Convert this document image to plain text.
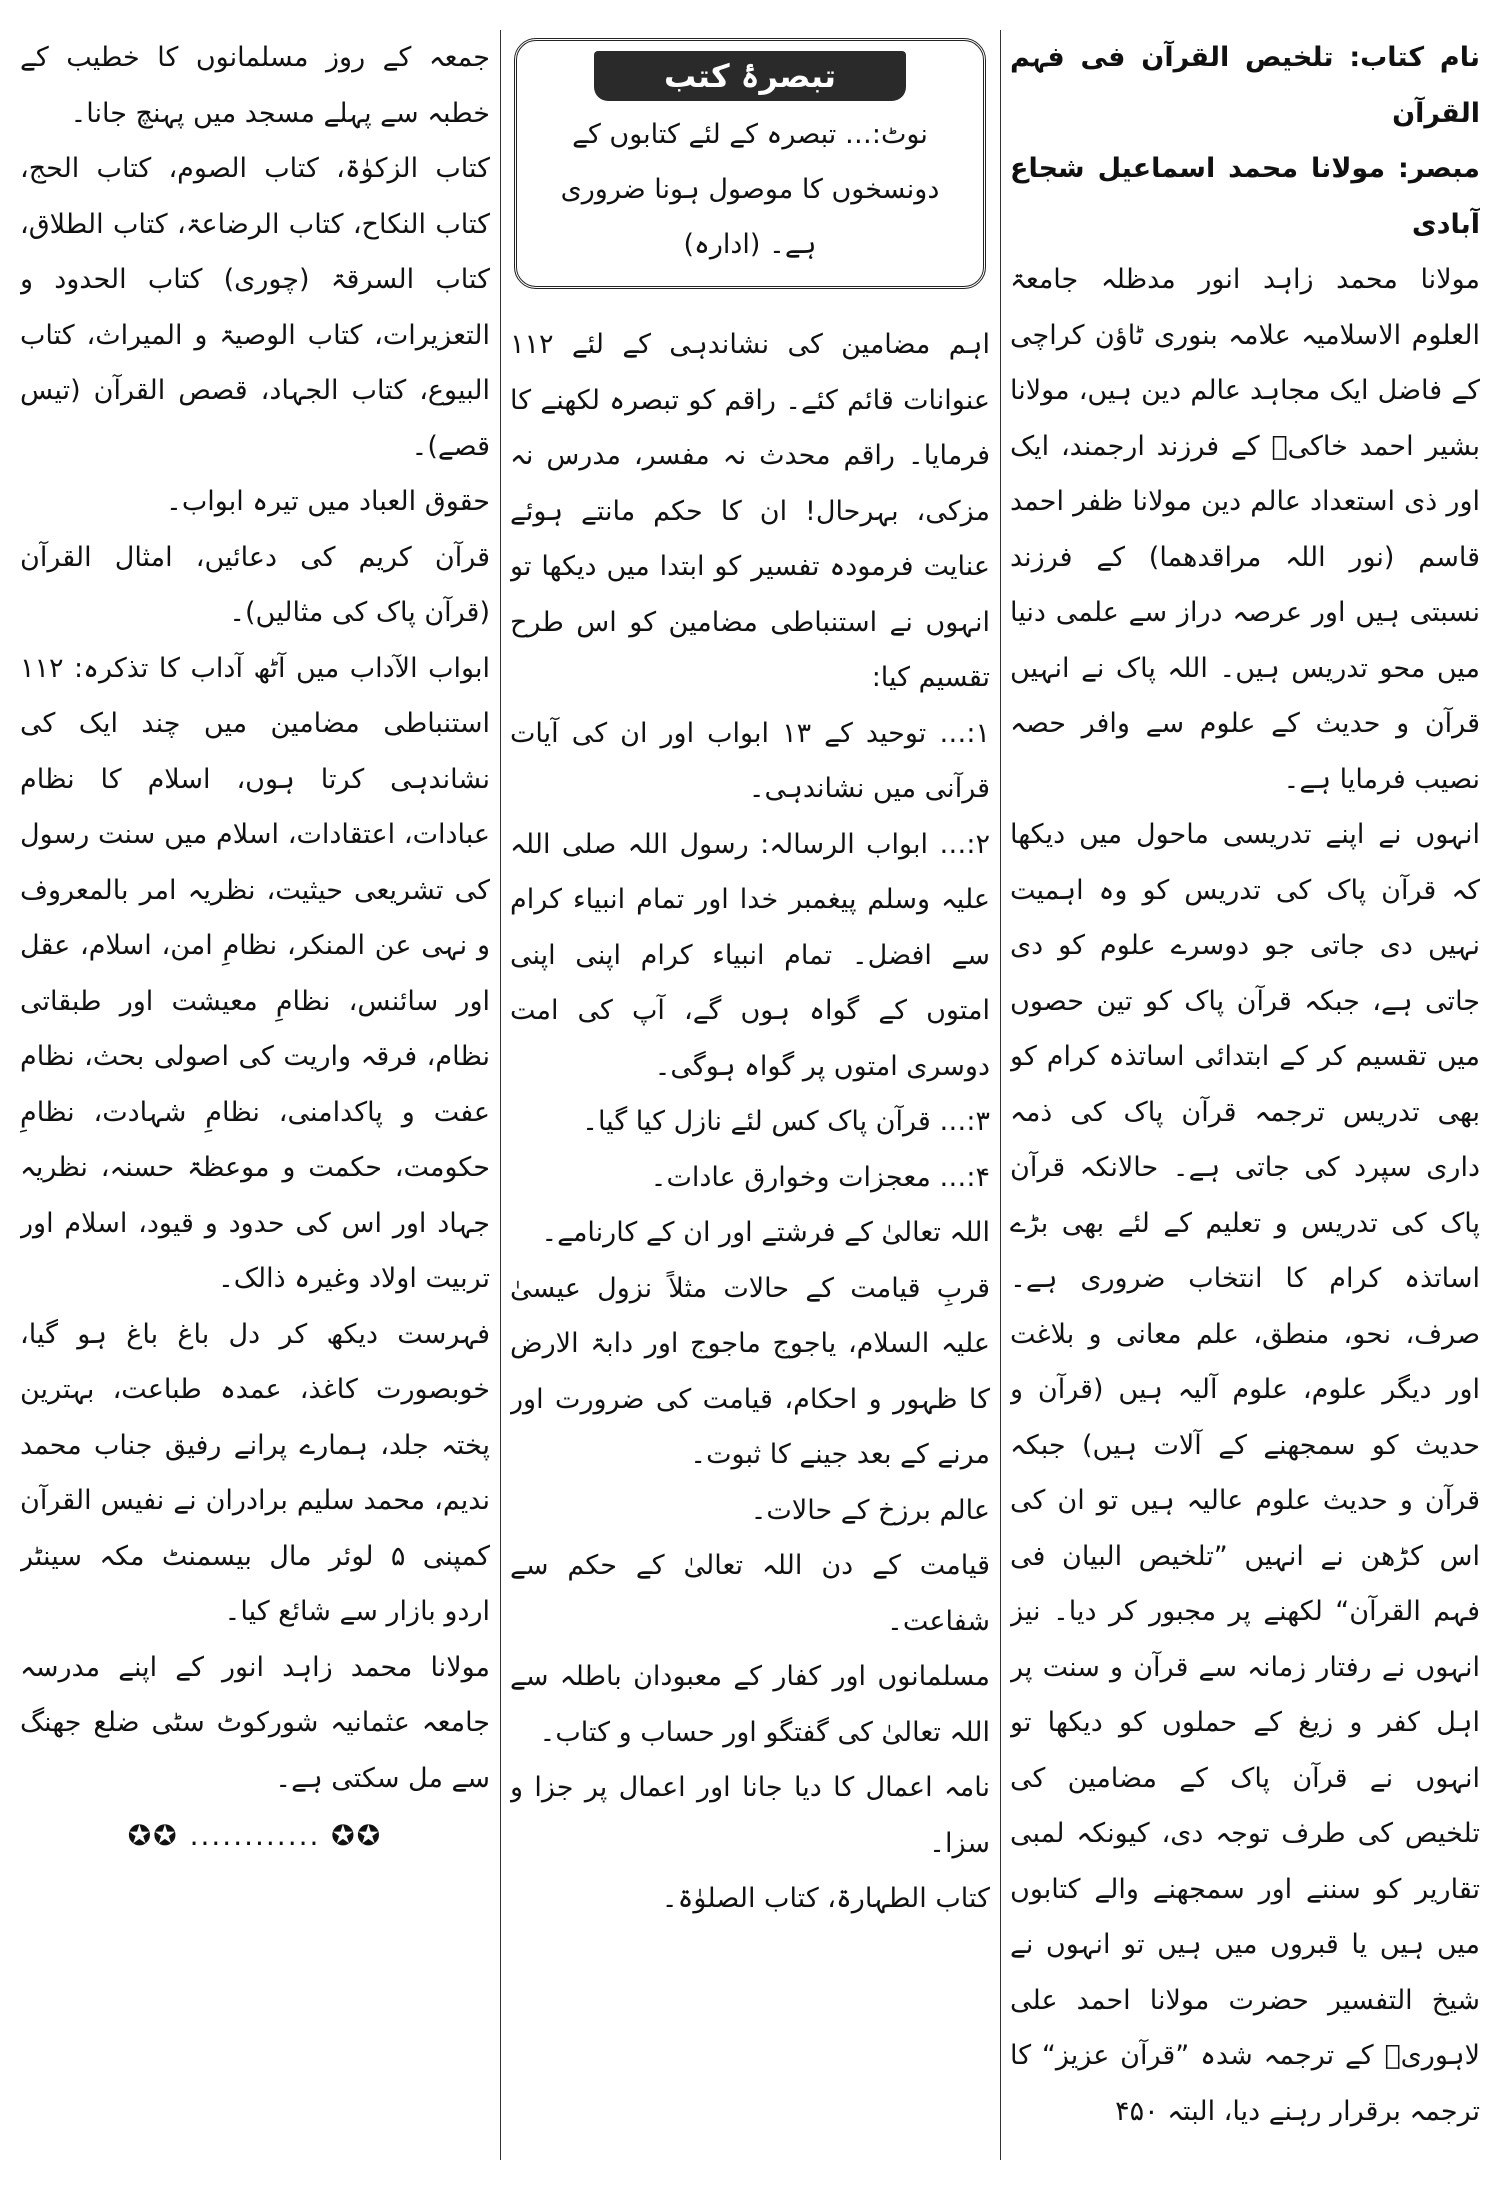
نام کتاب: تلخیص القرآن فی فہم القرآن

مبصر: مولانا محمد اسماعیل شجاع آبادی

مولانا محمد زاہد انور مدظلہ جامعۃ العلوم الاسلامیہ علامہ بنوری ٹاؤن کراچی کے فاضل ایک مجاہد عالم دین ہیں، مولانا بشیر احمد خاکیؒ کے فرزند ارجمند، ایک اور ذی استعداد عالم دین مولانا ظفر احمد قاسم (نور اللہ مراقدھما) کے فرزند نسبتی ہیں اور عرصہ دراز سے علمی دنیا میں محو تدریس ہیں۔ اللہ پاک نے انہیں قرآن و حدیث کے علوم سے وافر حصہ نصیب فرمایا ہے۔

انہوں نے اپنے تدریسی ماحول میں دیکھا کہ قرآن پاک کی تدریس کو وہ اہمیت نہیں دی جاتی جو دوسرے علوم کو دی جاتی ہے، جبکہ قرآن پاک کو تین حصوں میں تقسیم کر کے ابتدائی اساتذہ کرام کو بھی تدریس ترجمہ قرآن پاک کی ذمہ داری سپرد کی جاتی ہے۔ حالانکہ قرآن پاک کی تدریس و تعلیم کے لئے بھی بڑے اساتذہ کرام کا انتخاب ضروری ہے۔ صرف، نحو، منطق، علم معانی و بلاغت اور دیگر علوم، علوم آلیہ ہیں (قرآن و حدیث کو سمجھنے کے آلات ہیں) جبکہ قرآن و حدیث علوم عالیہ ہیں تو ان کی اس کڑھن نے انہیں ”تلخیص البیان فی فہم القرآن“ لکھنے پر مجبور کر دیا۔ نیز انہوں نے رفتار زمانہ سے قرآن و سنت پر اہل کفر و زیغ کے حملوں کو دیکھا تو انہوں نے قرآن پاک کے مضامین کی تلخیص کی طرف توجہ دی، کیونکہ لمبی تقاریر کو سننے اور سمجھنے والے کتابوں میں ہیں یا قبروں میں ہیں تو انہوں نے شیخ التفسیر حضرت مولانا احمد علی لاہوریؒ کے ترجمہ شدہ ”قرآن عزیز“ کا ترجمہ برقرار رہنے دیا، البتہ ۴۵۰

تبصرۂ کتب

نوٹ:… تبصرہ کے لئے کتابوں کے دونسخوں کا موصول ہونا ضروری ہے۔ (ادارہ)

اہم مضامین کی نشاندہی کے لئے ۱۱۲ عنوانات قائم کئے۔ راقم کو تبصرہ لکھنے کا فرمایا۔ راقم محدث نہ مفسر، مدرس نہ مزکی، بہرحال! ان کا حکم مانتے ہوئے عنایت فرمودہ تفسیر کو ابتدا میں دیکھا تو انہوں نے استنباطی مضامین کو اس طرح تقسیم کیا:

۱:… توحید کے ۱۳ ابواب اور ان کی آیات قرآنی میں نشاندہی۔

۲:… ابواب الرسالہ: رسول اللہ صلی اللہ علیہ وسلم پیغمبر خدا اور تمام انبیاء کرام سے افضل۔ تمام انبیاء کرام اپنی اپنی امتوں کے گواہ ہوں گے، آپ کی امت دوسری امتوں پر گواہ ہوگی۔

۳:… قرآن پاک کس لئے نازل کیا گیا۔

۴:… معجزات وخوارق عادات۔

اللہ تعالیٰ کے فرشتے اور ان کے کارنامے۔

قربِ قیامت کے حالات مثلاً نزول عیسیٰ علیہ السلام، یاجوج ماجوج اور دابۃ الارض کا ظہور و احکام، قیامت کی ضرورت اور مرنے کے بعد جینے کا ثبوت۔

عالم برزخ کے حالات۔

قیامت کے دن اللہ تعالیٰ کے حکم سے شفاعت۔

مسلمانوں اور کفار کے معبودان باطلہ سے اللہ تعالیٰ کی گفتگو اور حساب و کتاب۔

نامہ اعمال کا دیا جانا اور اعمال پر جزا و سزا۔

کتاب الطہارۃ، کتاب الصلوٰۃ۔

جمعہ کے روز مسلمانوں کا خطیب کے خطبہ سے پہلے مسجد میں پہنچ جانا۔

کتاب الزکوٰۃ، کتاب الصوم، کتاب الحج، کتاب النکاح، کتاب الرضاعۃ، کتاب الطلاق، کتاب السرقۃ (چوری) کتاب الحدود و التعزیرات، کتاب الوصیۃ و المیراث، کتاب البیوع، کتاب الجہاد، قصص القرآن (تیس قصے)۔

حقوق العباد میں تیرہ ابواب۔

قرآن کریم کی دعائیں، امثال القرآن (قرآن پاک کی مثالیں)۔

ابواب الآداب میں آٹھ آداب کا تذکرہ: ۱۱۲ استنباطی مضامین میں چند ایک کی نشاندہی کرتا ہوں، اسلام کا نظام عبادات، اعتقادات، اسلام میں سنت رسول کی تشریعی حیثیت، نظریہ امر بالمعروف و نہی عن المنکر، نظامِ امن، اسلام، عقل اور سائنس، نظامِ معیشت اور طبقاتی نظام، فرقہ واریت کی اصولی بحث، نظام عفت و پاکدامنی، نظامِ شہادت، نظامِ حکومت، حکمت و موعظۃ حسنہ، نظریہ جہاد اور اس کی حدود و قیود، اسلام اور تربیت اولاد وغیرہ ذالک۔

فہرست دیکھ کر دل باغ باغ ہو گیا، خوبصورت کاغذ، عمدہ طباعت، بہترین پختہ جلد، ہمارے پرانے رفیق جناب محمد ندیم، محمد سلیم برادران نے نفیس القرآن کمپنی ۵ لوئر مال بیسمنٹ مکہ سینٹر اردو بازار سے شائع کیا۔

مولانا محمد زاہد انور کے اپنے مدرسہ جامعہ عثمانیہ شورکوٹ سٹی ضلع جھنگ سے مل سکتی ہے۔

✪✪ ............ ✪✪
